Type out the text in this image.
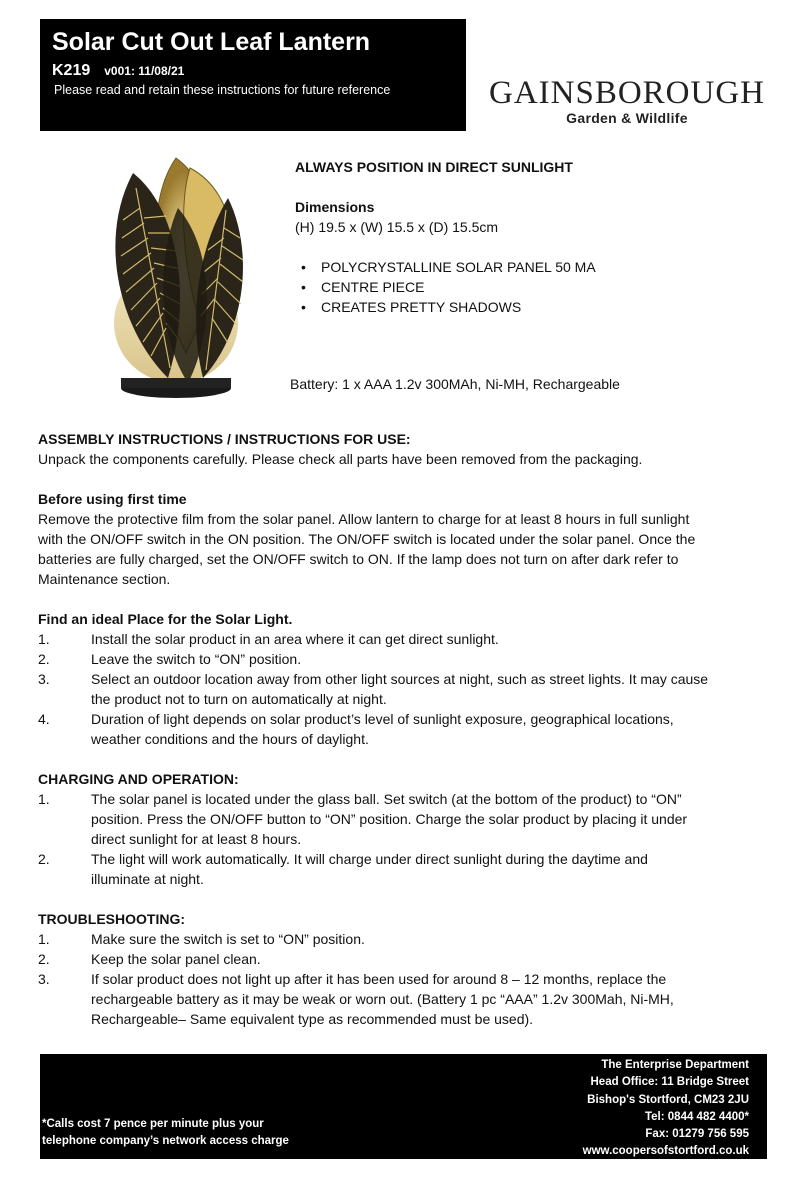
Solar Cut Out Leaf Lantern
K219 v001: 11/08/21
Please read and retain these instructions for future reference	GAINSBOROUGH
Garden & Wildlife
ALWAYS POSITION IN DIRECT SUNLIGHT
Dimensions
(H) 19.5 x (W) 15.5 x (D) 15.5cm
• POLYCRYSTALLINE SOLAR PANEL 50 MA
• CENTRE PIECE
• CREATES PRETTY SHADOWS
Battery: 1 x AAA 1.2v 300MAh, Ni-MH, Rechargeable
ASSEMBLY INSTRUCTIONS / INSTRUCTIONS FOR USE:
Unpack the components carefully. Please check all parts have been removed from the packaging.
Before using first time
Remove the protective film from the solar panel. Allow lantern to charge for at least 8 hours in full sunlight
with the ON/OFF switch in the ON position. The ON/OFF switch is located under the solar panel. Once the
batteries are fully charged, set the ON/OFF switch to ON. If the lamp does not turn on after dark refer to
Maintenance section.
Find an ideal Place for the Solar Light.
1.	Install the solar product in an area where it can get direct sunlight.
2.	Leave the switch to “ON” position.
3.	Select an outdoor location away from other light sources at night, such as street lights. It may cause
the product not to turn on automatically at night.
4.	Duration of light depends on solar product’s level of sunlight exposure, geographical locations,
weather conditions and the hours of daylight.
CHARGING AND OPERATION:
1.	The solar panel is located under the glass ball. Set switch (at the bottom of the product) to “ON”
position. Press the ON/OFF button to “ON” position. Charge the solar product by placing it under
direct sunlight for at least 8 hours.
2.	The light will work automatically. It will charge under direct sunlight during the daytime and
illuminate at night.
TROUBLESHOOTING:
1.	Make sure the switch is set to “ON” position.
2.	Keep the solar panel clean.
3.	If solar product does not light up after it has been used for around 8 – 12 months, replace the
rechargeable battery as it may be weak or worn out. (Battery 1 pc “AAA” 1.2v 300Mah, Ni-MH,
Rechargeable– Same equivalent type as recommended must be used).
*Calls cost 7 pence per minute plus your
telephone company’s network access charge
The Enterprise Department
Head Office: 11 Bridge Street
Bishop's Stortford, CM23 2JU
Tel: 0844 482 4400*
Fax: 01279 756 595
www.coopersofstortford.co.uk
